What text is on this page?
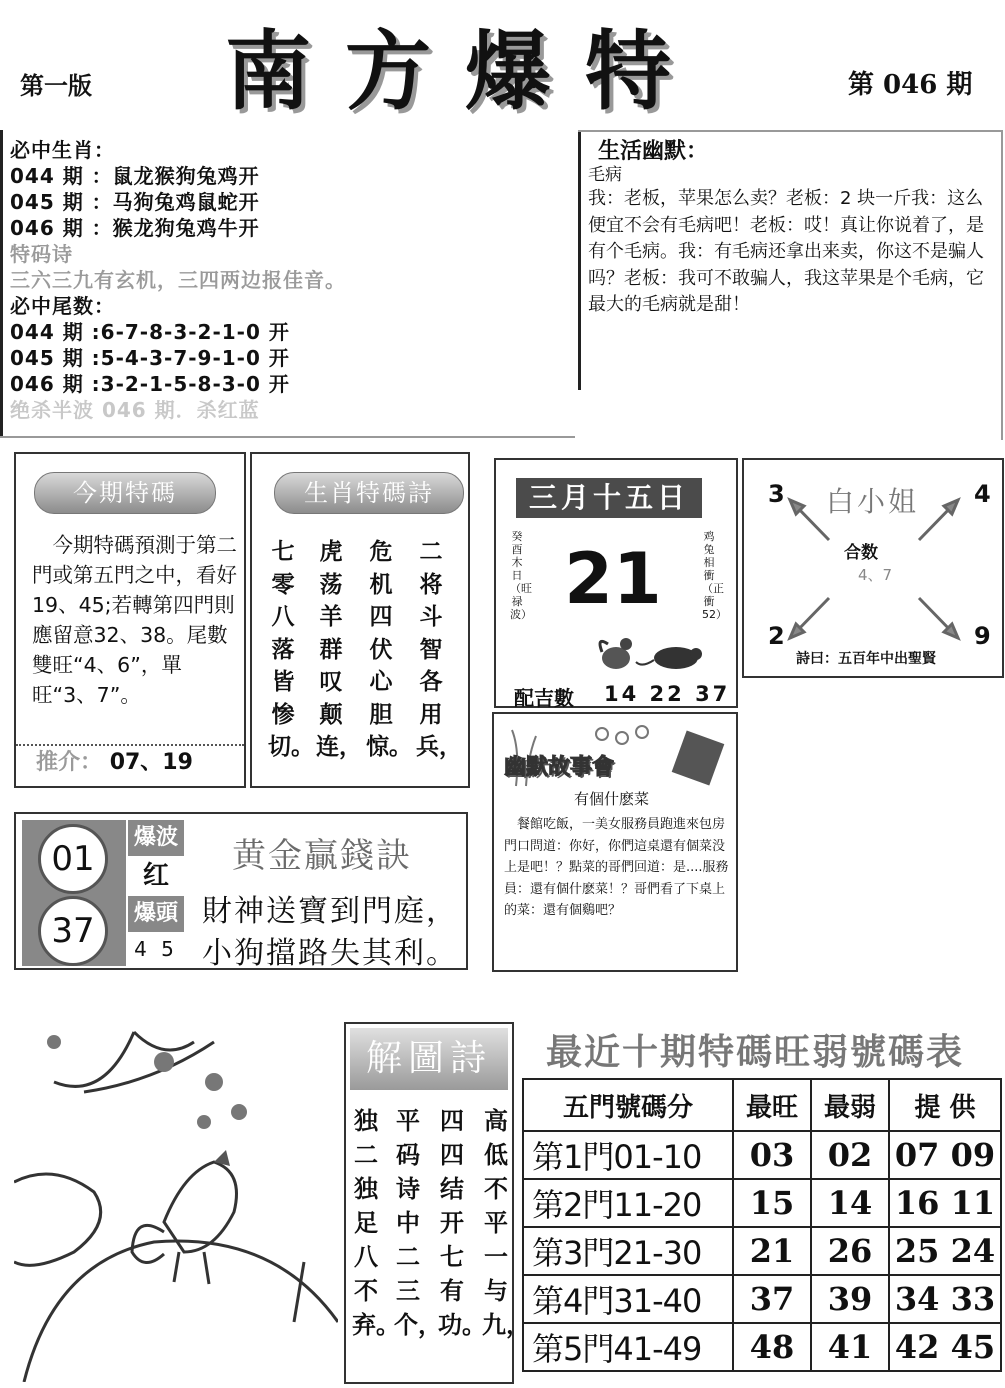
第一版 南方爆特	第 046 期
必中生肖：
044 期 ：鼠龙猴狗兔鸡开
045 期 ：马狗兔鸡鼠蛇开
046 期 ：猴龙狗兔鸡牛开
特码诗
三六三九有玄机，三四两边报佳音。
必中尾数：
044 期 :6-7-8-3-2-1-0 开
045 期 :5-4-3-7-9-1-0 开
046 期 :3-2-1-5-8-3-0 开
绝杀半波 046 期．杀红蓝
生活幽默：
毛病
我：老板，苹果怎么卖？老板：2 块一斤我：这么便宜不会有毛病吧！老板：哎！真让你说着了，是有个毛病。我：有毛病还拿出来卖，你这不是骗人吗？老板：我可不敢骗人，我这苹果是个毛病，它最大的毛病就是甜！
今期特碼
　今期特碼預測于第二門或第五門之中，看好19、45;若轉第四門則應留意32、38。尾數雙旺“4、6”，單旺“3、7”。
推介： 07、19
生肖特碼詩
二将斗智各用兵，
危机四伏心胆惊。
虎荡羊群叹颠连，
七零八落皆惨切。
三月十五日
癸酉木日（旺禄波） 21
鸡兔相衝（正衝52）
配吉數 14 22 37
白小姐
3	4
2	9
合数
4、7
詩曰：五百年中出聖賢
01
37
爆波
红
爆頭
4 5
黄金贏錢訣
財神送寶到門庭，
小狗擋路失其利。
幽默故事會
有個什麽菜
　餐館吃飯，一美女服務員跑進來包房門口問道：你好，你們這桌還有個菜没上是吧！？點菜的哥們回道：是....服務員：還有個什麽菜！？哥們看了下桌上的菜：還有個鷄吧？
解圖詩
高低不平一与九，
四四结开七有功。
平码诗中二三个，
独二独足八不弃。
最近十期特碼旺弱號碼表
五門號碼分	最旺	最弱	提 供
第1門01-10	03	02	07 09
第2門11-20	15	14	16 11
第3門21-30	21	26	25 24
第4門31-40	37	39	34 33
第5門41-49	48	41	42 45
